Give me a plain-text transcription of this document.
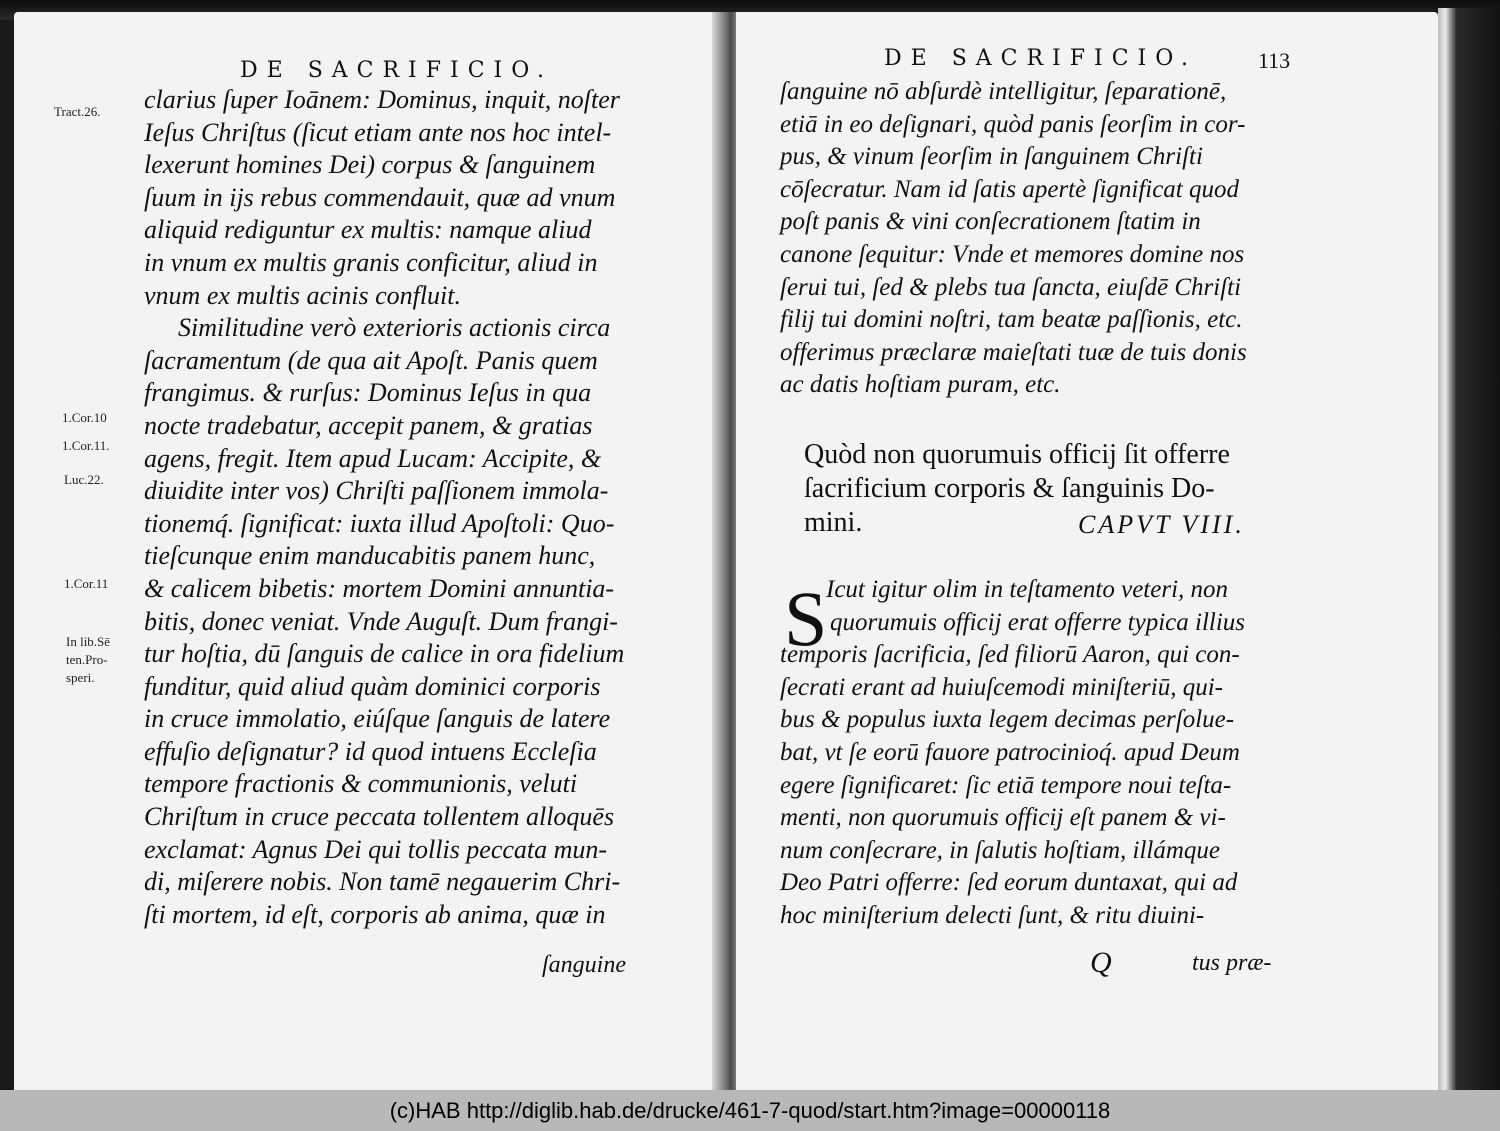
DE SACRIFICIO.
Tract.26.
1.Cor.10
1.Cor.11.
Luc.22.
1.Cor.11
In lib.Sē
ten.Pro-
speri.
clarius ſuper Ioānem: Dominus, inquit, noſter
Ieſus Chriſtus (ſicut etiam ante nos hoc intel-
lexerunt homines Dei) corpus & ſanguinem
ſuum in ijs rebus commendauit, quæ ad vnum
aliquid rediguntur ex multis: namque aliud
in vnum ex multis granis conficitur, aliud in
vnum ex multis acinis confluit.
Similitudine verò exterioris actionis circa
ſacramentum (de qua ait Apoſt. Panis quem
frangimus. & rurſus: Dominus Ieſus in qua
nocte tradebatur, accepit panem, & gratias
agens, fregit. Item apud Lucam: Accipite, &
diuidite inter vos) Chriſti paſſionem immola-
tionemq́. ſignificat: iuxta illud Apoſtoli: Quo-
tieſcunque enim manducabitis panem hunc,
& calicem bibetis: mortem Domini annuntia-
bitis, donec veniat. Vnde Auguſt. Dum frangi-
tur hoſtia, dū ſanguis de calice in ora fidelium
funditur, quid aliud quàm dominici corporis
in cruce immolatio, eiúſque ſanguis de latere
effuſio deſignatur? id quod intuens Eccleſia
tempore fractionis & communionis, veluti
Chriſtum in cruce peccata tollentem alloquēs
exclamat: Agnus Dei qui tollis peccata mun-
di, miſerere nobis. Non tamē negauerim Chri-
ſti mortem, id eſt, corporis ab anima, quæ in
ſanguine
DE SACRIFICIO.	113
ſanguine nō abſurdè intelligitur, ſeparationē,
etiā in eo deſignari, quòd panis ſeorſim in cor-
pus, & vinum ſeorſim in ſanguinem Chriſti
cōſecratur. Nam id ſatis apertè ſignificat quod
poſt panis & vini conſecrationem ſtatim in
canone ſequitur: Vnde et memores domine nos
ſerui tui, ſed & plebs tua ſancta, eiuſdē Chriſti
filij tui domini noſtri, tam beatæ paſſionis, etc.
offerimus præclaræ maieſtati tuæ de tuis donis
ac datis hoſtiam puram, etc.
Quòd non quorumuis officij ſit offerre
ſacrificium corporis & ſanguinis Do-
mini.	CAPVT VIII.
S
Icut igitur olim in teſtamento veteri, non
quorumuis officij erat offerre typica illius
temporis ſacrificia, ſed filiorū Aaron, qui con-
ſecrati erant ad huiuſcemodi miniſteriū, qui-
bus & populus iuxta legem decimas perſolue-
bat, vt ſe eorū fauore patrocinioq́. apud Deum
egere ſignificaret: ſic etiā tempore noui teſta-
menti, non quorumuis officij eſt panem & vi-
num conſecrare, in ſalutis hoſtiam, illámque
Deo Patri offerre: ſed eorum duntaxat, qui ad
hoc miniſterium delecti ſunt, & ritu diuini-
Q	tus præ-
(c)HAB http://diglib.hab.de/drucke/461-7-quod/start.htm?image=00000118
